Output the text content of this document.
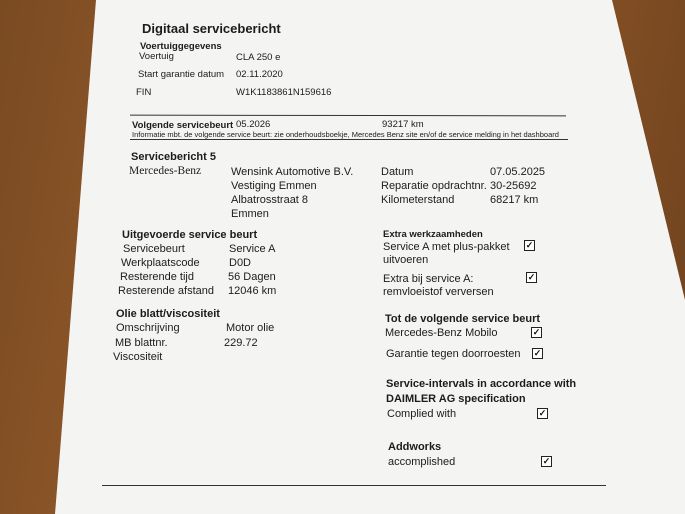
Digitaal servicebericht
Voertuiggegevens
Voertuig	CLA 250 e
Start garantie datum 02.11.2020
FIN	W1K1183861N159616
Volgende servicebeurt 05.2026	93217 km
Informatie mbt. de volgende service beurt: zie onderhoudsboekje, Mercedes Benz site en/of de service melding in het dashboard
Servicebericht 5
Mercedes-Benz	Wensink Automotive B.V.
Vestiging Emmen
Albatrosstraat 8
Emmen
Datum	07.05.2025
Reparatie opdrachtnr. 30-25692
Kilometerstand	68217 km
Uitgevoerde service beurt
Servicebeurt	Service A
Werkplaatscode	D0D
Resterende tijd	56 Dagen
Resterende afstand 12046 km
Olie blatt/viscositeit
Omschrijving	Motor olie
MB blattnr.	229.72
Viscositeit
Extra werkzaamheden
Service A met plus-pakket
uitvoeren
✓
Extra bij service A:
remvloeistof verversen
✓
Tot de volgende service beurt
Mercedes-Benz Mobilo	✓
Garantie tegen doorroesten ✓
Service-intervals in accordance with
DAIMLER AG specification
Complied with	✓
Addworks
accomplished	✓
